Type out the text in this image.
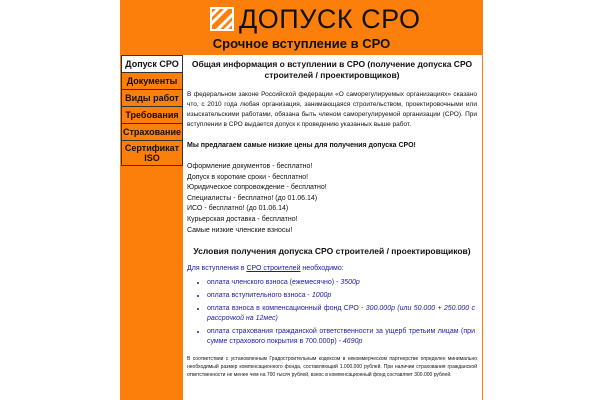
ДОПУСК СРО
Срочное вступление в СРО
Допуск СРО
Документы
Виды работ
Требования
Страхование
Сертификат ISO
Общая информация о вступлении в СРО (получение допуска СРО строителей / проектировщиков)

В федеральном законе Российской федерации «О саморегулируемых организациях» сказано что, с 2010 года любая организация, занимающаяся строительством, проектировочными или изыскательскими работами, обязана быть членом саморегулируемой организации (СРО). При вступлении в СРО выдается допуск к проведению указанных выше работ.

Мы предлагаем самые низкие цены для получения допуска СРО!
Оформление документов - бесплатно!
Допуск в короткие сроки - бесплатно!
Юридическое сопровождение - бесплатно!
Специалисты - бесплатно! (до 01.06.14)
ИСО - бесплатно! (до 01.06.14)
Курьерская доставка - бесплатно!
Самые низкие членские взносы!
Условия получения допуска СРО строителей / проектировщиков)
Для вступления в СРО строителей необходимо:
• оплата членского взноса (ежемесячно) - 3500р
• оплата вступительного взноса - 1000р
• оплата взноса в компенсационный фонд СРО - 300.000р (или 50.000 + 250.000 с рассрочкой на 12мес)
• оплата страхования гражданской ответственности за ущерб третьим лицам (при сумме страхового покрытия в 700.000р) - 4690р
В соответствии с установленным Градостроительным кодексом в некоммерческом партнерстве определен минимально необходимый размер компенсационного фонда, составляющий 1.000.000 рублей. При наличии страхования гражданской ответственности не менее чем на 700 тысяч рублей, взнос в компенсационный фонд составляет 300.000 рублей.
